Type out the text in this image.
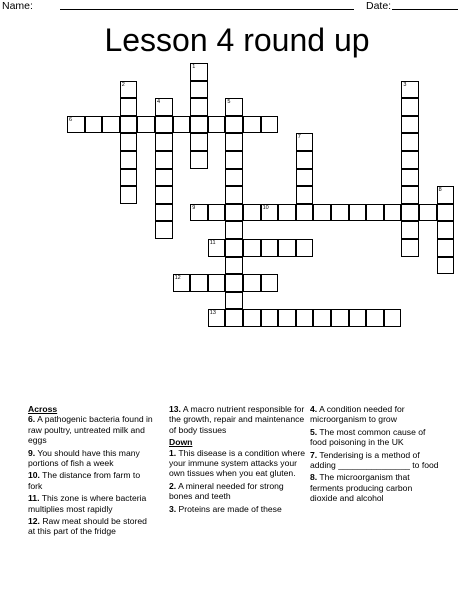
Name:	Date:
Lesson 4 round up
1
2	3
4	5
6
7
8
9	10
11
12
13
Across
6. A pathogenic bacteria found in raw poultry, untreated milk and eggs
9. You should have this many portions of fish a week
10. The distance from farm to fork
11. This zone is where bacteria multiplies most rapidly
12. Raw meat should be stored at this part of the fridge
13. A macro nutrient responsible for the growth, repair and maintenance of body tissues
Down
1. This disease is a condition where your immune system attacks your own tissues when you eat gluten.
2. A mineral needed for strong bones and teeth
3. Proteins are made of these
4. A condition needed for microorganism to grow
5. The most common cause of food poisoning in the UK
7. Tenderising is a method of adding _______________ to food
8. The microorganism that ferments producing carbon dioxide and alcohol
